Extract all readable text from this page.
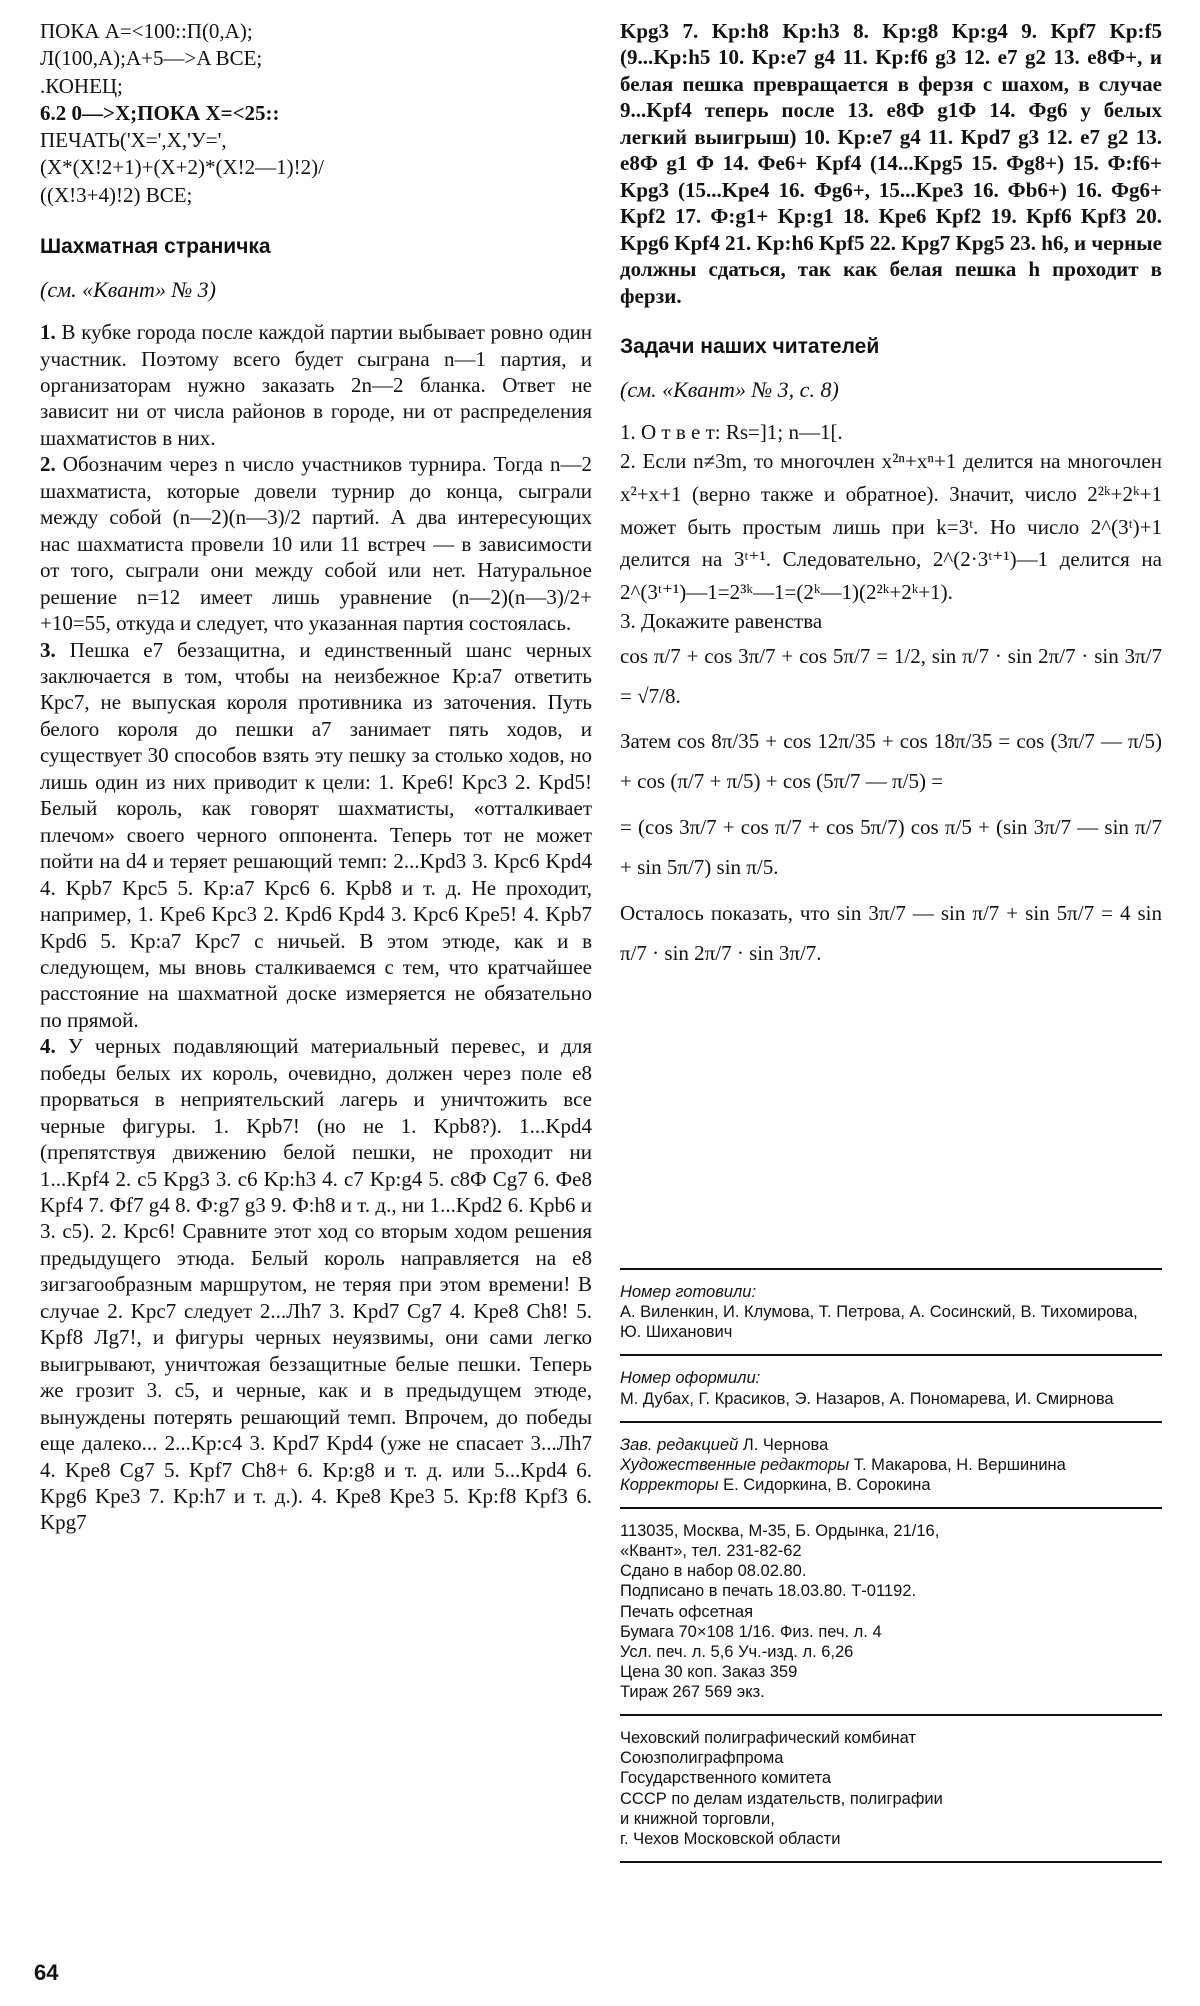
ПОКА A=<100::П(0,A);
Л(100,A);A+5—>A ВСЕ;
.КОНЕЦ;
6.2 0—>X;ПОКА X=<25::
ПЕЧАТЬ('X=',X,'У=',
(X*(X!2+1)+(X+2)*(X!2—1)!2)/
((X!3+4)!2) ВСЕ;
Шахматная страничка
(см. «Квант» № 3)

1. В кубке города после каждой партии выбывает ровно один участник. Поэтому всего будет сыграна n—1 партия, и организаторам нужно заказать 2n—2 бланка. Ответ не зависит ни от числа районов в городе, ни от распределения шахматистов в них.

2. Обозначим через n число участников турнира. Тогда n—2 шахматиста, которые довели турнир до конца, сыграли между собой (n—2)(n—3)/2 партий. А два интересующих нас шахматиста провели 10 или 11 встреч — в зависимости от того, сыграли они между собой или нет. Натуральное решение n=12 имеет лишь уравнение (n—2)(n—3)/2+ +10=55, откуда и следует, что указанная партия состоялась.

3. Пешка e7 беззащитна, и единственный шанс черных заключается в том, чтобы на неизбежное Кр:a7 ответить Крс7, не выпуская короля противника из заточения. Путь белого короля до пешки a7 занимает пять ходов, и существует 30 способов взять эту пешку за столько ходов, но лишь один из них приводит к цели: 1. Kpe6! Kpc3 2. Kpd5! Белый король, как говорят шахматисты, «отталкивает плечом» своего черного оппонента. Теперь тот не может пойти на d4 и теряет решающий темп: 2...Kpd3 3. Kpc6 Kpd4 4. Kpb7 Kpc5 5. Kp:a7 Kpc6 6. Kpb8 и т. д. Не проходит, например, 1. Kpe6 Kpc3 2. Kpd6 Kpd4 3. Kpc6 Kpe5! 4. Kpb7 Kpd6 5. Kp:a7 Kpc7 с ничьей. В этом этюде, как и в следующем, мы вновь сталкиваемся с тем, что кратчайшее расстояние на шахматной доске измеряется не обязательно по прямой.

4. У черных подавляющий материальный перевес, и для победы белых их король, очевидно, должен через поле e8 прорваться в неприятельский лагерь и уничтожить все черные фигуры. 1. Kpb7! (но не 1. Kpb8?). 1...Kpd4 (препятствуя движению белой пешки, не проходит ни 1...Kpf4 2. c5 Kpg3 3. c6 Kp:h3 4. c7 Kp:g4 5. c8Ф Cg7 6. Фe8 Kpf4 7. Фf7 g4 8. Ф:g7 g3 9. Ф:h8 и т. д., ни 1...Kpd2 6. Kpb6 и 3. c5). 2. Kpc6! Сравните этот ход со вторым ходом решения предыдущего этюда. Белый король направляется на e8 зигзагообразным маршрутом, не теряя при этом времени! В случае 2. Kpc7 следует 2...Лh7 3. Kpd7 Cg7 4. Kpe8 Ch8! 5. Kpf8 Лg7!, и фигуры черных неуязвимы, они сами легко выигрывают, уничтожая беззащитные белые пешки. Теперь же грозит 3. c5, и черные, как и в предыдущем этюде, вынуждены потерять решающий темп. Впрочем, до победы еще далеко... 2...Kp:c4 3. Kpd7 Kpd4 (уже не спасает 3...Лh7 4. Kpe8 Cg7 5. Kpf7 Ch8+ 6. Kp:g8 и т. д. или 5...Kpd4 6. Kpg6 Kpe3 7. Kp:h7 и т. д.). 4. Kpe8 Kpe3 5. Kp:f8 Kpf3 6. Kpg7

Kpg3 7. Kp:h8 Kp:h3 8. Kp:g8 Kp:g4 9. Kpf7 Kp:f5 (9...Kp:h5 10. Kp:e7 g4 11. Kp:f6 g3 12. e7 g2 13. e8Ф+, и белая пешка превращается в ферзя с шахом, в случае 9...Kpf4 теперь после 13. e8Ф g1Ф 14. Фg6 у белых легкий выигрыш) 10. Kp:e7 g4 11. Kpd7 g3 12. e7 g2 13. e8Ф g1 Ф 14. Фe6+ Kpf4 (14...Kpg5 15. Фg8+) 15. Ф:f6+ Kpg3 (15...Kpe4 16. Фg6+, 15...Kpe3 16. Фb6+) 16. Фg6+ Kpf2 17. Ф:g1+ Kp:g1 18. Kpe6 Kpf2 19. Kpf6 Kpf3 20. Kpg6 Kpf4 21. Kp:h6 Kpf5 22. Kpg7 Kpg5 23. h6, и черные должны сдаться, так как белая пешка h проходит в ферзи.

Задачи наших читателей
(см. «Квант» № 3, с. 8)

1. О т в е т: Rs=]1; n—1[.

2. Если n≠3m, то многочлен x²ⁿ+xⁿ+1 делится на многочлен x²+x+1 (верно также и обратное). Значит, число 2²ᵏ+2ᵏ+1 может быть простым лишь при k=3ᵗ. Но число 2^(3ᵗ)+1 делится на 3ᵗ⁺¹. Следовательно, 2^(2·3ᵗ⁺¹)—1 делится на 2^(3ᵗ⁺¹)—1=2³ᵏ—1=(2ᵏ—1)(2²ᵏ+2ᵏ+1).

3. Докажите равенства

cos π/7 + cos 3π/7 + cos 5π/7 = 1/2, sin π/7 · sin 2π/7 · sin 3π/7 = √7/8.

Затем cos 8π/35 + cos 12π/35 + cos 18π/35 = cos (3π/7 — π/5) + cos (π/7 + π/5) + cos (5π/7 — π/5) =

= (cos 3π/7 + cos π/7 + cos 5π/7) cos π/5 + (sin 3π/7 — sin π/7 + sin 5π/7) sin π/5.

Осталось показать, что sin 3π/7 — sin π/7 + sin 5π/7 = 4 sin π/7 · sin 2π/7 · sin 3π/7.

Номер готовили:
А. Виленкин, И. Клумова, Т. Петрова, А. Сосинский, В. Тихомирова, Ю. Шиханович
Номер оформили:
М. Дубах, Г. Красиков, Э. Назаров, А. Пономарева, И. Смирнова
Зав. редакцией Л. Чернова
Художественные редакторы Т. Макарова, Н. Вершинина
Корректоры Е. Сидоркина, В. Сорокина
113035, Москва, М-35, Б. Ордынка, 21/16,
«Квант», тел. 231-82-62
Сдано в набор 08.02.80.
Подписано в печать 18.03.80. Т-01192.
Печать офсетная
Бумага 70×108 1/16. Физ. печ. л. 4
Усл. печ. л. 5,6 Уч.-изд. л. 6,26
Цена 30 коп. Заказ 359
Тираж 267 569 экз.
Чеховский полиграфический комбинат
Союзполиграфпрома
Государственного комитета
СССР по делам издательств, полиграфии
и книжной торговли,
г. Чехов Московской области
64
